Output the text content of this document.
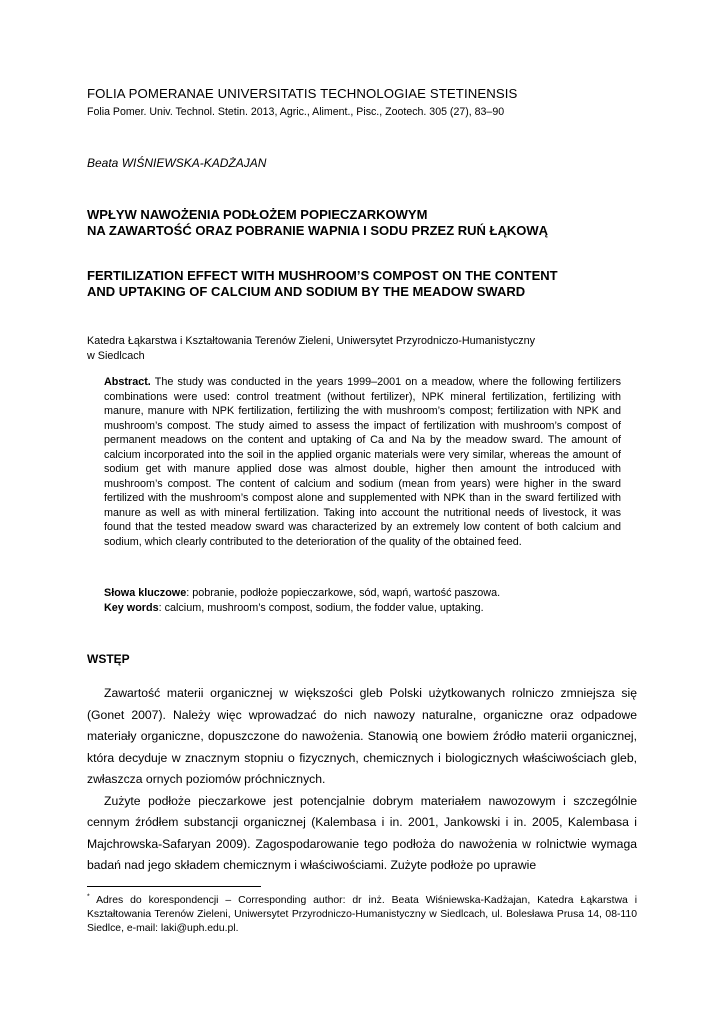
FOLIA POMERANAE UNIVERSITATIS TECHNOLOGIAE STETINENSIS
Folia Pomer. Univ. Technol. Stetin. 2013, Agric., Aliment., Pisc., Zootech. 305 (27), 83–90
Beata WIŚNIEWSKA-KADŻAJAN
WPŁYW NAWOŻENIA PODŁOŻEM POPIECZARKOWYM
NA ZAWARTOŚĆ ORAZ POBRANIE WAPNIA I SODU PRZEZ RUŃ ŁĄKOWĄ
FERTILIZATION EFFECT WITH MUSHROOM’S COMPOST ON THE CONTENT
AND UPTAKING OF CALCIUM AND SODIUM BY THE MEADOW SWARD
Katedra Łąkarstwa i Kształtowania Terenów Zieleni, Uniwersytet Przyrodniczo-Humanistyczny
w Siedlcach

Abstract. The study was conducted in the years 1999–2001 on a meadow, where the following fertilizers combinations were used: control treatment (without fertilizer), NPK mineral fertilization, fertilizing with manure, manure with NPK fertilization, fertilizing the with mushroom’s compost; fertilization with NPK and mushroom’s compost. The study aimed to assess the impact of fertilization with mushroom’s compost of permanent meadows on the content and uptaking of Ca and Na by the meadow sward. The amount of calcium incorporated into the soil in the applied organic materials were very similar, whereas the amount of sodium get with manure applied dose was almost double, higher then amount the introduced with mushroom’s compost. The content of calcium and sodium (mean from years) were higher in the sward fertilized with the mushroom’s compost alone and supplemented with NPK than in the sward fertilized with manure as well as with mineral fertilization. Taking into account the nutritional needs of livestock, it was found that the tested meadow sward was characterized by an extremely low content of both calcium and sodium, which clearly contributed to the deterioration of the quality of the obtained feed.

Słowa kluczowe: pobranie, podłoże popieczarkowe, sód, wapń, wartość paszowa.
Key words: calcium, mushroom’s compost, sodium, the fodder value, uptaking.
WSTĘP

Zawartość materii organicznej w większości gleb Polski użytkowanych rolniczo zmniejsza się (Gonet 2007). Należy więc wprowadzać do nich nawozy naturalne, organiczne oraz odpadowe materiały organiczne, dopuszczone do nawożenia. Stanowią one bowiem źródło materii organicznej, która decyduje w znacznym stopniu o fizycznych, chemicznych i biologicznych właściwościach gleb, zwłaszcza ornych poziomów próchnicznych.

Zużyte podłoże pieczarkowe jest potencjalnie dobrym materiałem nawozowym i szczególnie cennym źródłem substancji organicznej (Kalembasa i in. 2001, Jankowski i in. 2005, Kalembasa i Majchrowska-Safaryan 2009). Zagospodarowanie tego podłoża do nawożenia w rolnictwie wymaga badań nad jego składem chemicznym i właściwościami. Zużyte podłoże po uprawie

* Adres do korespondencji – Corresponding author: dr inż. Beata Wiśniewska-Kadżajan, Katedra Łąkarstwa i Kształtowania Terenów Zieleni, Uniwersytet Przyrodniczo-Humanistyczny w Siedlcach, ul. Bolesława Prusa 14, 08-110 Siedlce, e-mail: laki@uph.edu.pl.
